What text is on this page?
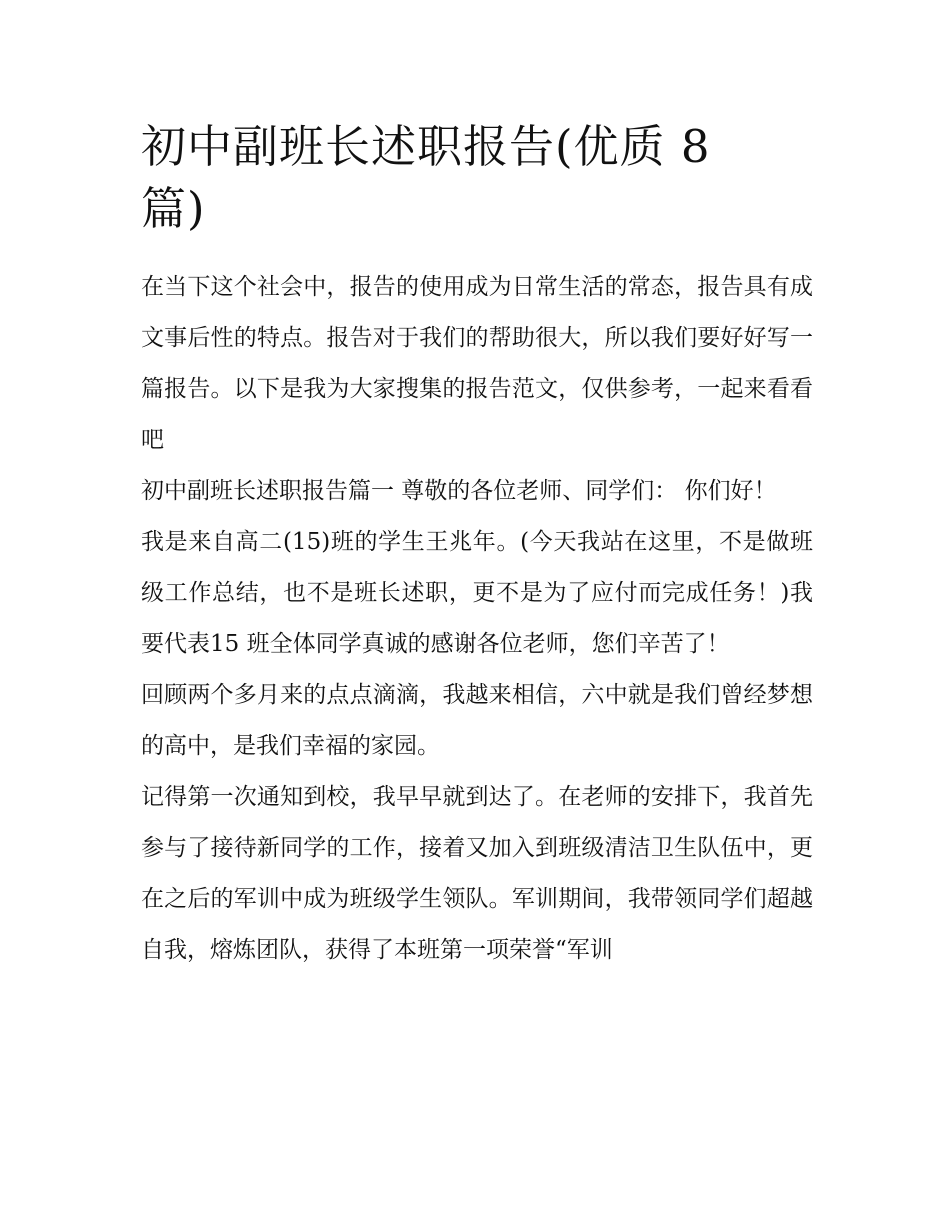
初中副班长述职报告(优质 8 篇)

在当下这个社会中，报告的使用成为日常生活的常态，报告具有成文事后性的特点。报告对于我们的帮助很大，所以我们要好好写一篇报告。以下是我为大家搜集的报告范文，仅供参考，一起来看看吧

初中副班长述职报告篇一 尊敬的各位老师、同学们： 你们好！

我是来自高二(15)班的学生王兆年。(今天我站在这里，不是做班级工作总结，也不是班长述职，更不是为了应付而完成任务！)我要代表15 班全体同学真诚的感谢各位老师，您们辛苦了！

回顾两个多月来的点点滴滴，我越来相信，六中就是我们曾经梦想的高中，是我们幸福的家园。

记得第一次通知到校，我早早就到达了。在老师的安排下，我首先参与了接待新同学的工作，接着又加入到班级清洁卫生队伍中，更在之后的军训中成为班级学生领队。军训期间，我带领同学们超越自我，熔炼团队，获得了本班第一项荣誉“军训
